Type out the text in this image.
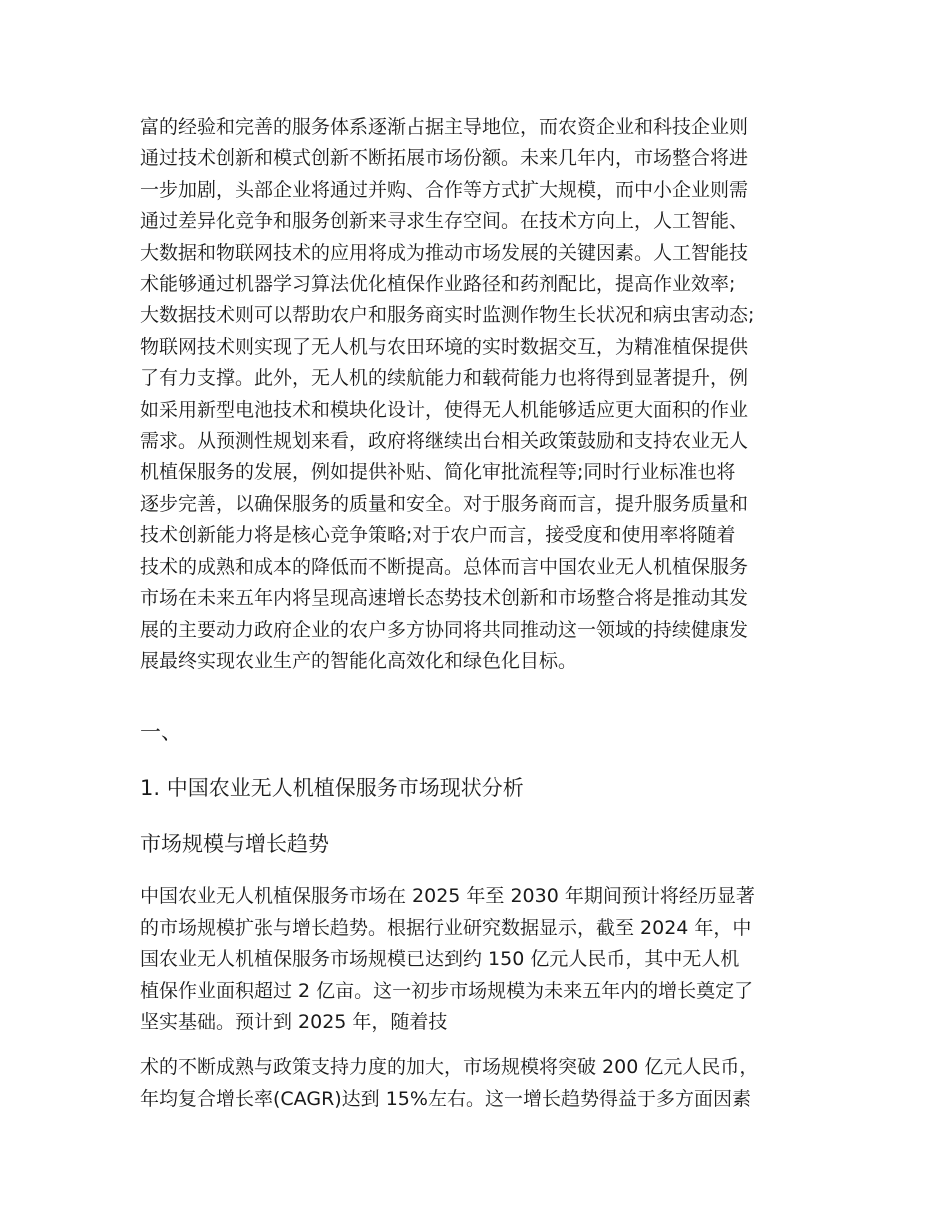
富的经验和完善的服务体系逐渐占据主导地位，而农资企业和科技企业则
通过技术创新和模式创新不断拓展市场份额。未来几年内，市场整合将进
一步加剧，头部企业将通过并购、合作等方式扩大规模，而中小企业则需
通过差异化竞争和服务创新来寻求生存空间。在技术方向上，人工智能、
大数据和物联网技术的应用将成为推动市场发展的关键因素。人工智能技
术能够通过机器学习算法优化植保作业路径和药剂配比，提高作业效率;
大数据技术则可以帮助农户和服务商实时监测作物生长状况和病虫害动态;
物联网技术则实现了无人机与农田环境的实时数据交互，为精准植保提供
了有力支撑。此外，无人机的续航能力和载荷能力也将得到显著提升，例
如采用新型电池技术和模块化设计，使得无人机能够适应更大面积的作业
需求。从预测性规划来看，政府将继续出台相关政策鼓励和支持农业无人
机植保服务的发展，例如提供补贴、简化审批流程等;同时行业标准也将
逐步完善，以确保服务的质量和安全。对于服务商而言，提升服务质量和
技术创新能力将是核心竞争策略;对于农户而言，接受度和使用率将随着
技术的成熟和成本的降低而不断提高。总体而言中国农业无人机植保服务
市场在未来五年内将呈现高速增长态势技术创新和市场整合将是推动其发
展的主要动力政府企业的农户多方协同将共同推动这一领域的持续健康发
展最终实现农业生产的智能化高效化和绿色化目标。

一、
1. 中国农业无人机植保服务市场现状分析
市场规模与增长趋势

中国农业无人机植保服务市场在 2025 年至 2030 年期间预计将经历显著
的市场规模扩张与增长趋势。根据行业研究数据显示，截至 2024 年，中
国农业无人机植保服务市场规模已达到约 150 亿元人民币，其中无人机
植保作业面积超过 2 亿亩。这一初步市场规模为未来五年内的增长奠定了
坚实基础。预计到 2025 年，随着技

术的不断成熟与政策支持力度的加大，市场规模将突破 200 亿元人民币，
年均复合增长率(CAGR)达到 15%左右。这一增长趋势得益于多方面因素
